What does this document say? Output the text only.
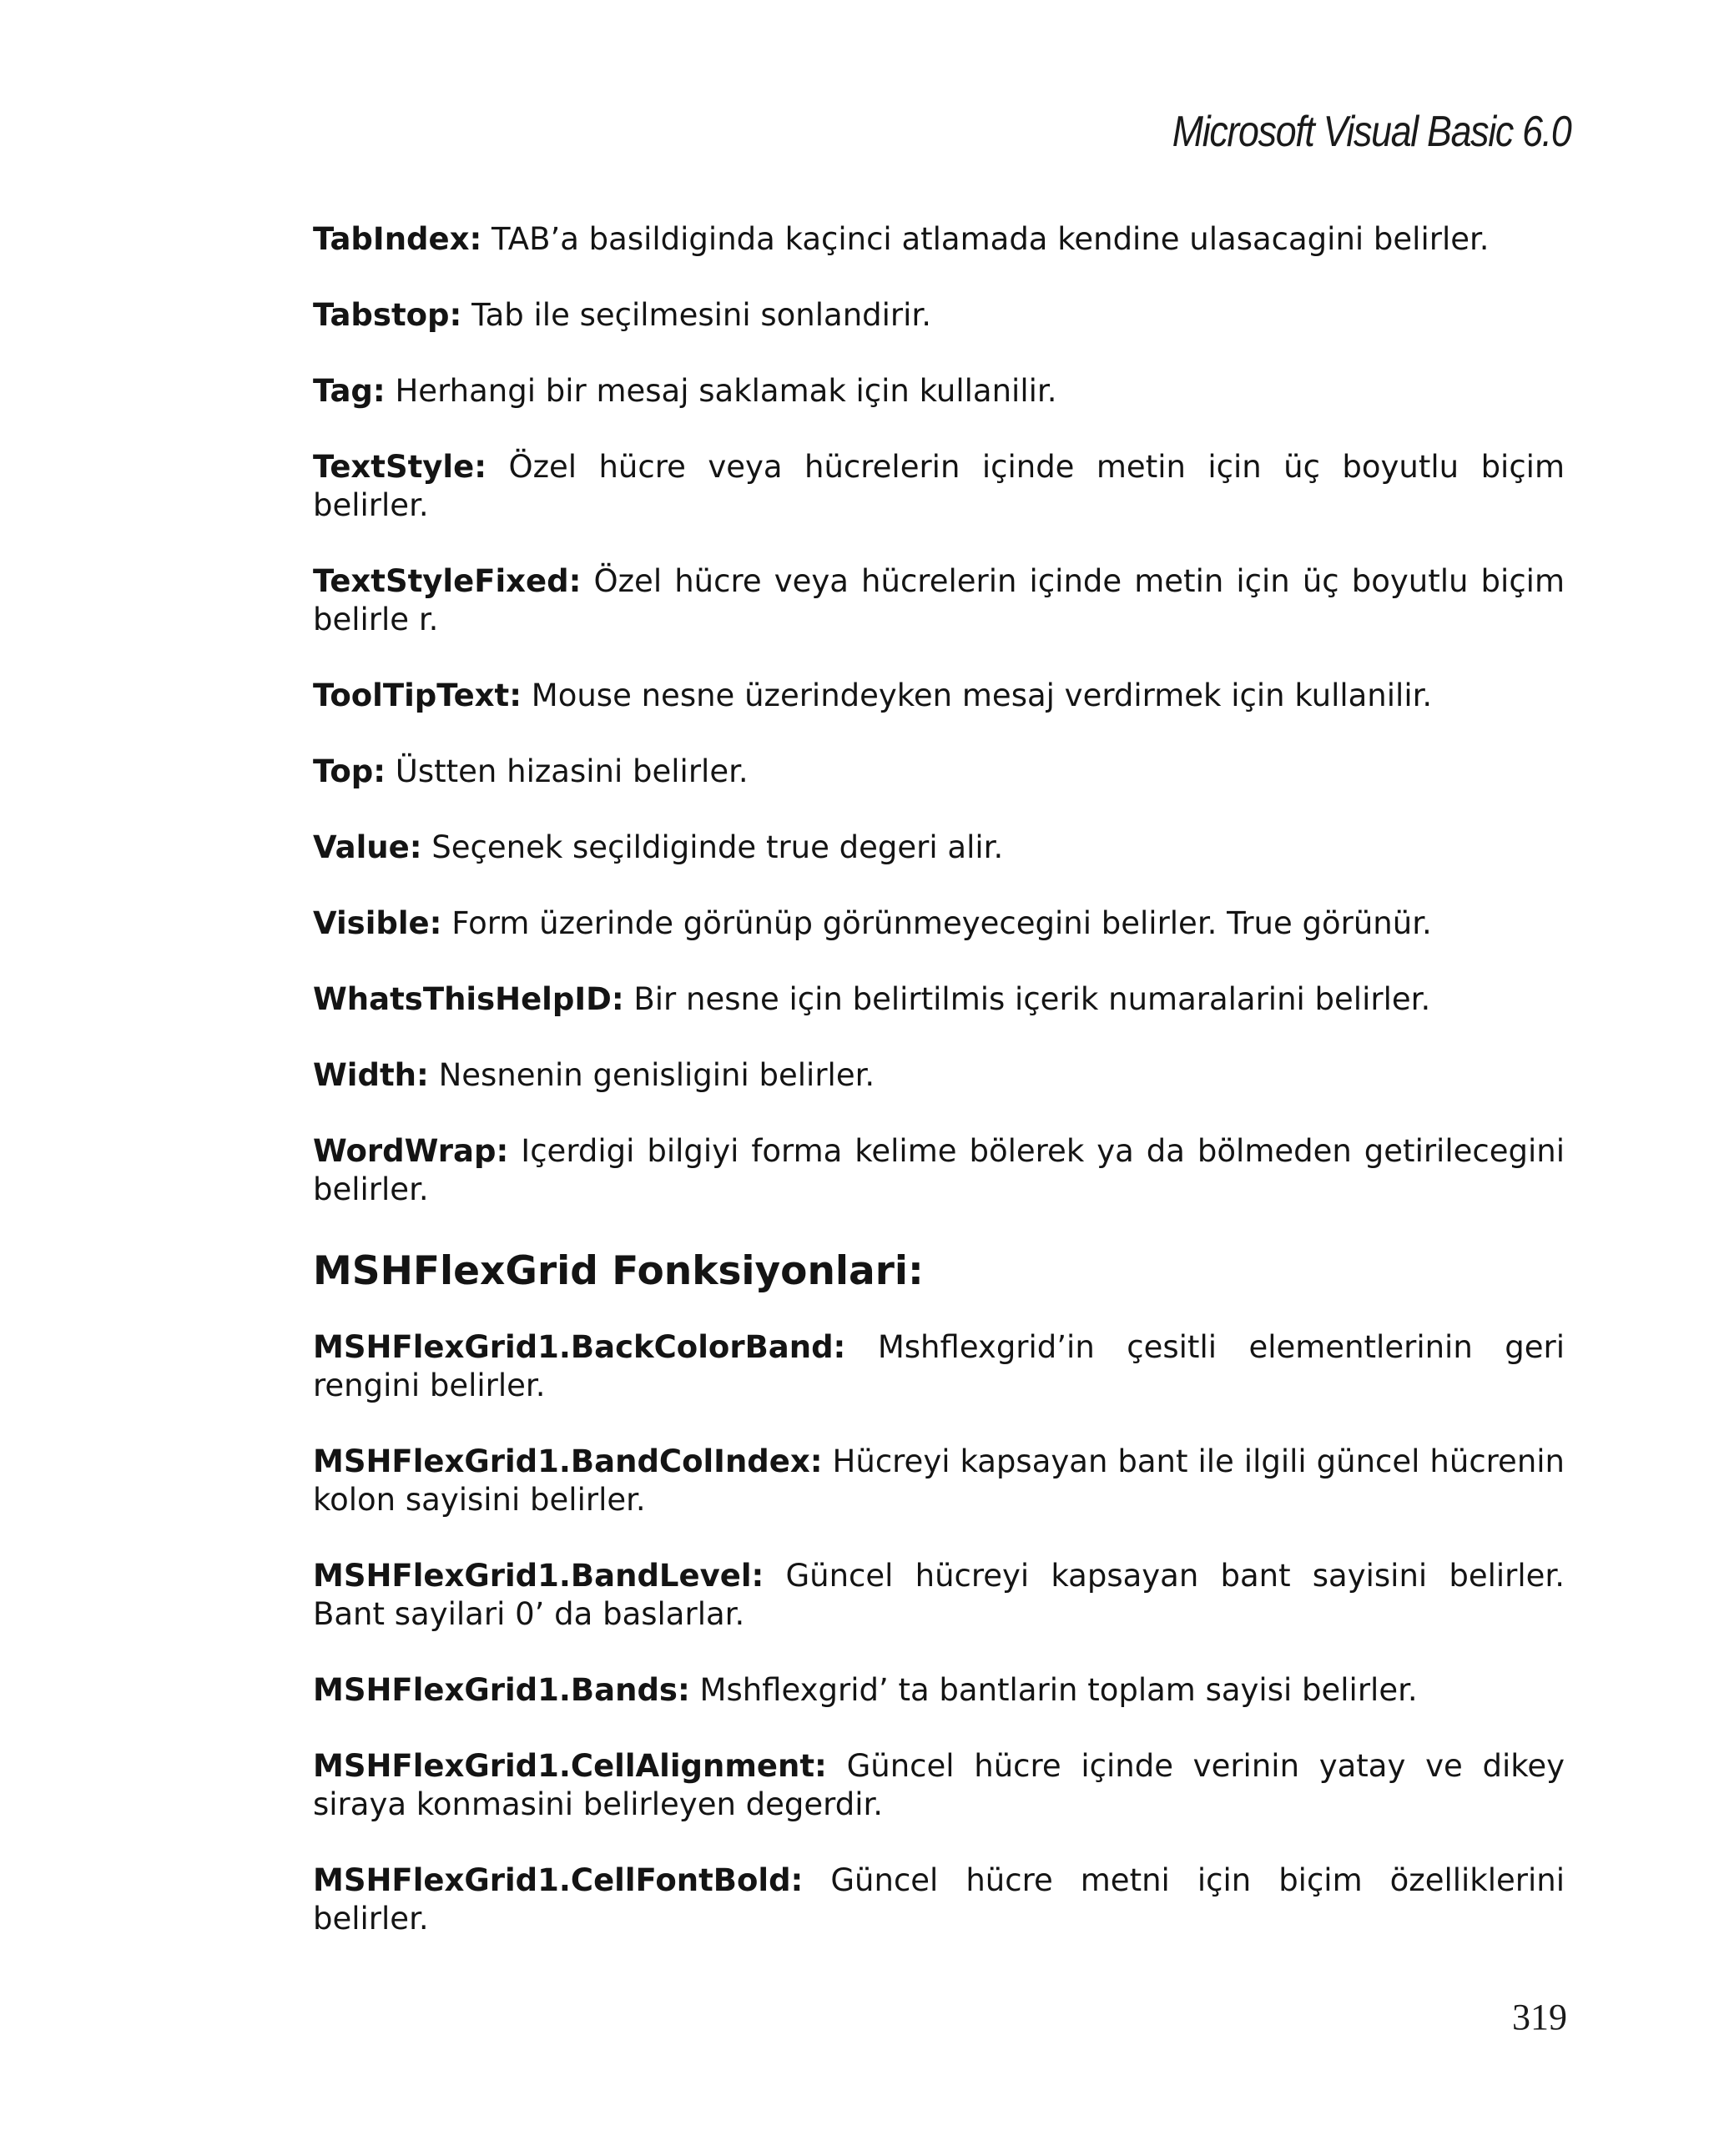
Microsoft Visual Basic 6.0

TabIndex: TAB’a basildiginda kaçinci atlamada kendine ulasacagini belirler.

Tabstop: Tab ile seçilmesini sonlandirir.

Tag: Herhangi bir mesaj saklamak için kullanilir.

TextStyle: Özel hücre veya hücrelerin içinde metin için üç boyutlu biçim belirler.

TextStyleFixed: Özel hücre veya hücrelerin içinde metin için üç boyutlu biçim belirle r.

ToolTipText: Mouse nesne üzerindeyken mesaj verdirmek için kullanilir.

Top: Üstten hizasini belirler.

Value: Seçenek seçildiginde true degeri alir.

Visible: Form üzerinde görünüp görünmeyecegini belirler. True görünür.

WhatsThisHelpID: Bir nesne için belirtilmis içerik numaralarini belirler.

Width: Nesnenin genisligini belirler.

WordWrap: Içerdigi bilgiyi forma kelime bölerek ya da bölmeden getirilecegini belirler.

MSHFlexGrid Fonksiyonlari:

MSHFlexGrid1.BackColorBand: Mshflexgrid’in çesitli elementlerinin geri rengini belirler.

MSHFlexGrid1.BandColIndex: Hücreyi kapsayan bant ile ilgili güncel hücrenin kolon sayisini belirler.

MSHFlexGrid1.BandLevel: Güncel hücreyi kapsayan bant sayisini belirler. Bant sayilari 0’ da baslarlar.

MSHFlexGrid1.Bands: Mshflexgrid’ ta bantlarin toplam sayisi belirler.

MSHFlexGrid1.CellAlignment: Güncel hücre içinde verinin yatay ve dikey siraya konmasini belirleyen degerdir.

MSHFlexGrid1.CellFontBold: Güncel hücre metni için biçim özelliklerini belirler.

319
